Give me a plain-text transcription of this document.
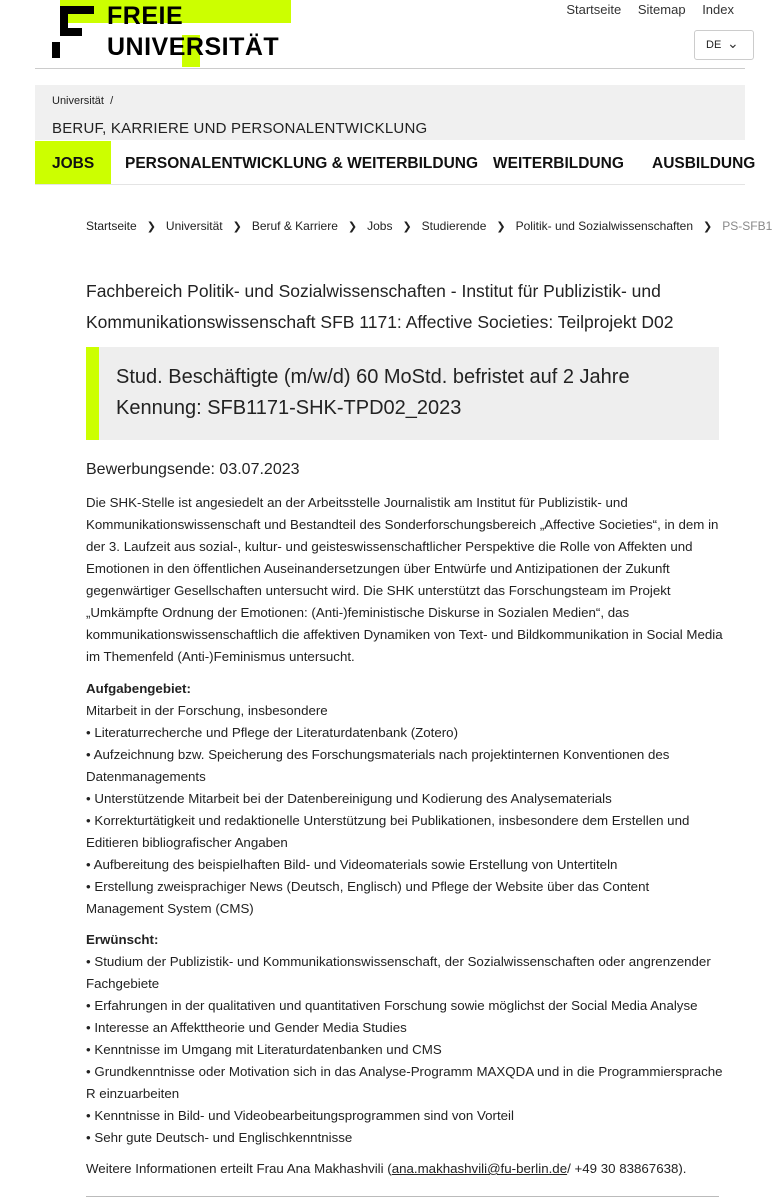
FREIE
UNIVERSITÄT
Startseite Sitemap Index
DE ⌄
Universität  /
BERUF, KARRIERE UND PERSONALENTWICKLUNG
JOBS	PERSONALENTWICKLUNG & WEITERBILDUNG WEITERBILDUNG AUSBILDUNG
Startseite ❯ Universität ❯ Beruf & Karriere ❯ Jobs ❯ Studierende ❯ Politik- und Sozialwissenschaften ❯ PS-SFB1
Fachbereich Politik- und Sozialwissenschaften - Institut für Publizistik- und Kommunikationswissenschaft SFB 1171: Affective Societies: Teilprojekt D02
Stud. Beschäftigte (m/w/d) 60 MoStd. befristet auf 2 Jahre
Kennung: SFB1171-SHK-TPD02_2023
Bewerbungsende: 03.07.2023
Die SHK-Stelle ist angesiedelt an der Arbeitsstelle Journalistik am Institut für Publizistik- und Kommunikationswissenschaft und Bestandteil des Sonderforschungsbereich „Affective Societies“, in dem in der 3. Laufzeit aus sozial-, kultur- und geisteswissenschaftlicher Perspektive die Rolle von Affekten und Emotionen in den öffentlichen Auseinandersetzungen über Entwürfe und Antizipationen der Zukunft gegenwärtiger Gesellschaften untersucht wird. Die SHK unterstützt das Forschungsteam im Projekt „Umkämpfte Ordnung der Emotionen: (Anti-)feministische Diskurse in Sozialen Medien“, das kommunikationswissenschaftlich die affektiven Dynamiken von Text- und Bildkommunikation in Social Media im Themenfeld (Anti-)Feminismus untersucht.
Aufgabengebiet:
Mitarbeit in der Forschung, insbesondere
• Literaturrecherche und Pflege der Literaturdatenbank (Zotero)
• Aufzeichnung bzw. Speicherung des Forschungsmaterials nach projektinternen Konventionen des Datenmanagements
• Unterstützende Mitarbeit bei der Datenbereinigung und Kodierung des Analysematerials
• Korrekturtätigkeit und redaktionelle Unterstützung bei Publikationen, insbesondere dem Erstellen und Editieren bibliografischer Angaben
• Aufbereitung des beispielhaften Bild- und Videomaterials sowie Erstellung von Untertiteln
• Erstellung zweisprachiger News (Deutsch, Englisch) und Pflege der Website über das Content Management System (CMS)
Erwünscht:
• Studium der Publizistik- und Kommunikationswissenschaft, der Sozialwissenschaften oder angrenzender Fachgebiete
• Erfahrungen in der qualitativen und quantitativen Forschung sowie möglichst der Social Media Analyse
• Interesse an Affekttheorie und Gender Media Studies
• Kenntnisse im Umgang mit Literaturdatenbanken und CMS
• Grundkenntnisse oder Motivation sich in das Analyse-Programm MAXQDA und in die Programmiersprache R einzuarbeiten
• Kenntnisse in Bild- und Videobearbeitungsprogrammen sind von Vorteil
• Sehr gute Deutsch- und Englischkenntnisse
Weitere Informationen erteilt Frau Ana Makhashvili (ana.makhashvili@fu-berlin.de/ +49 30 83867638).
